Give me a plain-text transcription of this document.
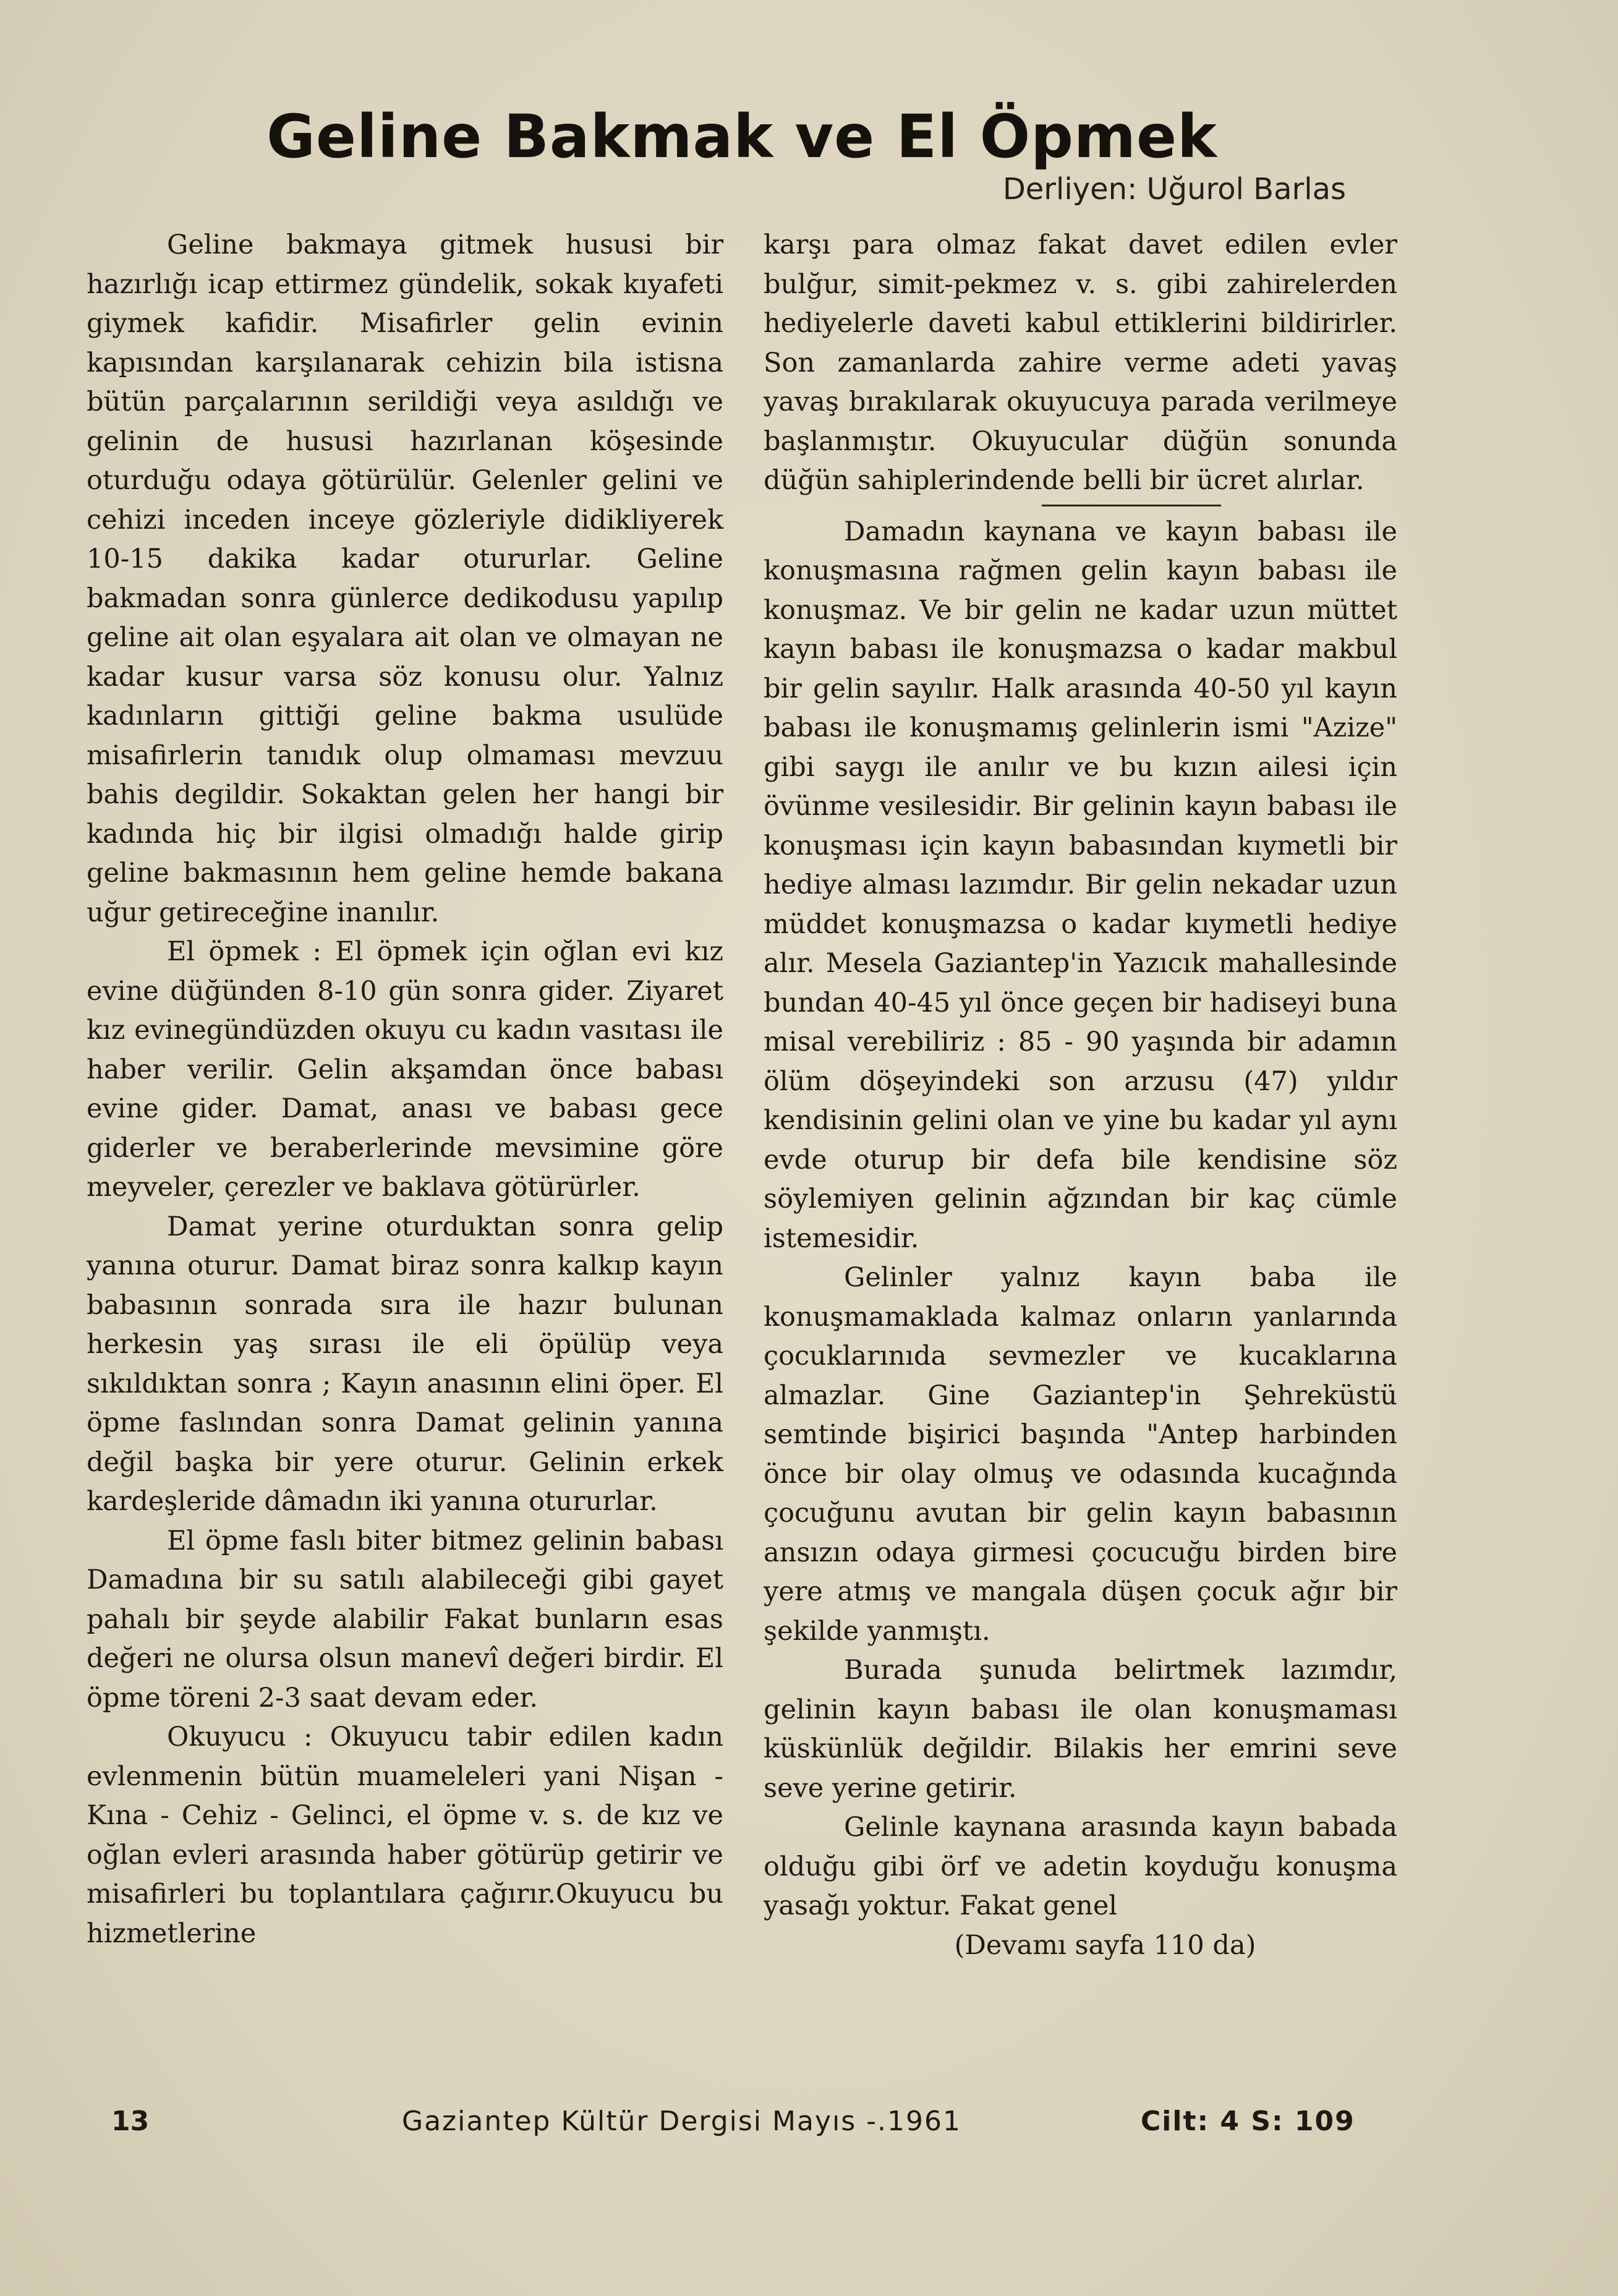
Geline Bakmak ve El Öpmek
Derliyen: Uğurol Barlas

Geline bakmaya gitmek hususi bir hazırlığı icap ettirmez gündelik, sokak kıyafeti giymek kafidir. Misafirler gelin evinin kapısından karşılanarak cehizin bila istisna bütün parçalarının serildiği veya asıldığı ve gelinin de hususi hazırlanan köşesinde oturduğu odaya götürülür. Gelenler gelini ve cehizi inceden inceye gözleriyle didikliyerek 10-15 dakika kadar otururlar. Geline bakmadan sonra günlerce dedikodusu yapılıp geline ait olan eşyalara ait olan ve olmayan ne kadar kusur varsa söz konusu olur. Yalnız kadınların gittiği geline bakma usulüde misafirlerin tanıdık olup olmaması mevzuu bahis degildir. Sokaktan gelen her hangi bir kadında hiç bir ilgisi olmadığı halde girip geline bakmasının hem geline hemde bakana uğur getireceğine inanılır.

El öpmek : El öpmek için oğlan evi kız evine düğünden 8-10 gün sonra gider. Ziyaret kız evinegündüzden okuyu cu kadın vasıtası ile haber verilir. Gelin akşamdan önce babası evine gider. Damat, anası ve babası gece giderler ve beraberlerinde mevsimine göre meyveler, çerezler ve baklava götürürler.

Damat yerine oturduktan sonra gelip yanına oturur. Damat biraz sonra kalkıp kayın babasının sonrada sıra ile hazır bulunan herkesin yaş sırası ile eli öpülüp veya sıkıldıktan sonra ; Kayın anasının elini öper. El öpme faslından sonra Damat gelinin yanına değil başka bir yere oturur. Gelinin erkek kardeşleride dâmadın iki yanına otururlar.

El öpme faslı biter bitmez gelinin babası Damadına bir su satılı alabileceği gibi gayet pahalı bir şeyde alabilir Fakat bunların esas değeri ne olursa olsun manevî değeri birdir. El öpme töreni 2-3 saat devam eder.

Okuyucu : Okuyucu tabir edilen kadın evlenmenin bütün muameleleri yani Nişan - Kına - Cehiz - Gelinci, el öpme v. s. de kız ve oğlan evleri arasında haber götürüp getirir ve misafirleri bu toplantılara çağırır.Okuyucu bu hizmetlerine

karşı para olmaz fakat davet edilen evler bulğur, simit-pekmez v. s. gibi zahirelerden hediyelerle daveti kabul ettiklerini bildirirler. Son zamanlarda zahire verme adeti yavaş yavaş bırakılarak okuyucuya parada verilmeye başlanmıştır. Okuyucular düğün sonunda düğün sahiplerindende belli bir ücret alırlar.

Damadın kaynana ve kayın babası ile konuşmasına rağmen gelin kayın babası ile konuşmaz. Ve bir gelin ne kadar uzun müttet kayın babası ile konuşmazsa o kadar makbul bir gelin sayılır. Halk arasında 40-50 yıl kayın babası ile konuşmamış gelinlerin ismi "Azize" gibi saygı ile anılır ve bu kızın ailesi için övünme vesilesidir. Bir gelinin kayın babası ile konuşması için kayın babasından kıymetli bir hediye alması lazımdır. Bir gelin nekadar uzun müddet konuşmazsa o kadar kıymetli hediye alır. Mesela Gaziantep'in Yazıcık mahallesinde bundan 40-45 yıl önce geçen bir hadiseyi buna misal verebiliriz : 85 - 90 yaşında bir adamın ölüm döşeyindeki son arzusu (47) yıldır kendisinin gelini olan ve yine bu kadar yıl aynı evde oturup bir defa bile kendisine söz söylemiyen gelinin ağzından bir kaç cümle istemesidir.

Gelinler yalnız kayın baba ile konuşmamaklada kalmaz onların yanlarında çocuklarınıda sevmezler ve kucaklarına almazlar. Gine Gaziantep'in Şehreküstü semtinde bişirici başında "Antep harbinden önce bir olay olmuş ve odasında kucağında çocuğunu avutan bir gelin kayın babasının ansızın odaya girmesi çocucuğu birden bire yere atmış ve mangala düşen çocuk ağır bir şekilde yanmıştı.

Burada şunuda belirtmek lazımdır, gelinin kayın babası ile olan konuşmaması küskünlük değildir. Bilakis her emrini seve seve yerine getirir.

Gelinle kaynana arasında kayın babada olduğu gibi örf ve adetin koyduğu konuşma yasağı yoktur. Fakat genel

(Devamı sayfa 110 da)

13	Gaziantep Kültür Dergisi Mayıs -.1961	Cilt: 4 S: 109
